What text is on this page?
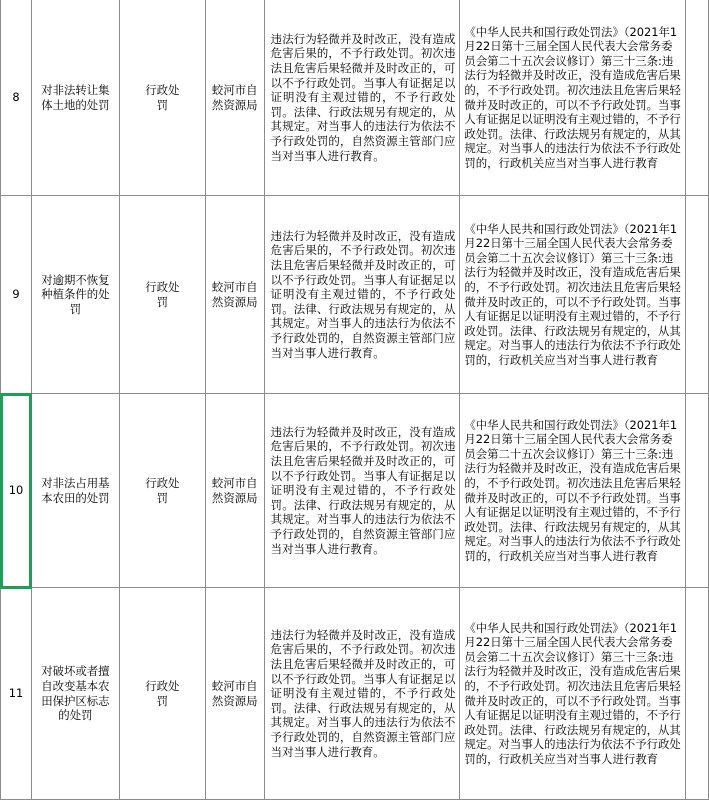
8	对非法转让集体土地的处罚	行政处罚	蛟河市自然资源局	违法行为轻微并及时改正，没有造成危害后果的，不予行政处罚。初次违法且危害后果轻微并及时改正的，可以不予行政处罚。当事人有证据足以证明没有主观过错的，不予行政处罚。法律、行政法规另有规定的，从其规定。对当事人的违法行为依法不予行政处罚的，自然资源主管部门应当对当事人进行教育。	《中华人民共和国行政处罚法》（2021年1月22日第十三届全国人民代表大会常务委员会第二十五次会议修订）第三十三条:违法行为轻微并及时改正，没有造成危害后果的，不予行政处罚。初次违法且危害后果轻微并及时改正的，可以不予行政处罚。当事人有证据足以证明没有主观过错的，不予行政处罚。法律、行政法规另有规定的，从其规定。对当事人的违法行为依法不予行政处罚的，行政机关应当对当事人进行教育	
9	对逾期不恢复种植条件的处罚	行政处罚	蛟河市自然资源局	违法行为轻微并及时改正，没有造成危害后果的，不予行政处罚。初次违法且危害后果轻微并及时改正的，可以不予行政处罚。当事人有证据足以证明没有主观过错的，不予行政处罚。法律、行政法规另有规定的，从其规定。对当事人的违法行为依法不予行政处罚的，自然资源主管部门应当对当事人进行教育。	《中华人民共和国行政处罚法》（2021年1月22日第十三届全国人民代表大会常务委员会第二十五次会议修订）第三十三条:违法行为轻微并及时改正，没有造成危害后果的，不予行政处罚。初次违法且危害后果轻微并及时改正的，可以不予行政处罚。当事人有证据足以证明没有主观过错的，不予行政处罚。法律、行政法规另有规定的，从其规定。对当事人的违法行为依法不予行政处罚的，行政机关应当对当事人进行教育	
10	对非法占用基本农田的处罚	行政处罚	蛟河市自然资源局	违法行为轻微并及时改正，没有造成危害后果的，不予行政处罚。初次违法且危害后果轻微并及时改正的，可以不予行政处罚。当事人有证据足以证明没有主观过错的，不予行政处罚。法律、行政法规另有规定的，从其规定。对当事人的违法行为依法不予行政处罚的，自然资源主管部门应当对当事人进行教育。	《中华人民共和国行政处罚法》（2021年1月22日第十三届全国人民代表大会常务委员会第二十五次会议修订）第三十三条:违法行为轻微并及时改正，没有造成危害后果的，不予行政处罚。初次违法且危害后果轻微并及时改正的，可以不予行政处罚。当事人有证据足以证明没有主观过错的，不予行政处罚。法律、行政法规另有规定的，从其规定。对当事人的违法行为依法不予行政处罚的，行政机关应当对当事人进行教育	
11	对破坏或者擅自改变基本农田保护区标志的处罚	行政处罚	蛟河市自然资源局	违法行为轻微并及时改正，没有造成危害后果的，不予行政处罚。初次违法且危害后果轻微并及时改正的，可以不予行政处罚。当事人有证据足以证明没有主观过错的，不予行政处罚。法律、行政法规另有规定的，从其规定。对当事人的违法行为依法不予行政处罚的，自然资源主管部门应当对当事人进行教育。	《中华人民共和国行政处罚法》（2021年1月22日第十三届全国人民代表大会常务委员会第二十五次会议修订）第三十三条:违法行为轻微并及时改正，没有造成危害后果的，不予行政处罚。初次违法且危害后果轻微并及时改正的，可以不予行政处罚。当事人有证据足以证明没有主观过错的，不予行政处罚。法律、行政法规另有规定的，从其规定。对当事人的违法行为依法不予行政处罚的，行政机关应当对当事人进行教育	
